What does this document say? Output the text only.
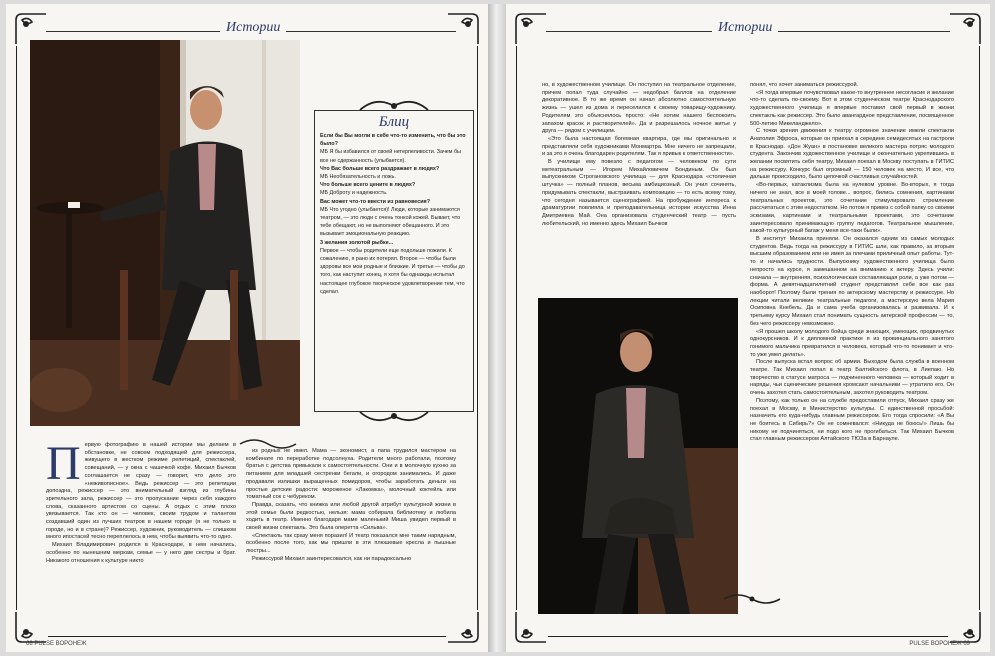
Истории
Блиц
Если бы Вы могли в себе что-то изменить, что бы это было?
МБ Я бы избавился от своей нетерпеливости. Зачем бы все не сдержанность (улыбается).
Что Вас больше всего раздражает в людях?
МБ Необязательность и ложь.
Что больше всего цените в людях?
МБ Доброту и надежность.
Вас может что-то ввести из равновесия?
МБ Что угодно (улыбается)! Люди, которые занимаются театром, — это люди с очень тонкой кожей. Бывает, что тебе обещают, но не выполняют обещанного. И это вызывает эмоциональную реакцию.
3 желания золотой рыбке...
Первое — чтобы родители еще подольше пожили. К сожалению, я рано их потерял. Второе — чтобы были здоровы все мои родные и близкие. И третье — чтобы до того, как наступит конец, я хотя бы однажды испытал настоящее глубокое творческое удовлетворение тем, что сделал.
П ервую фотографию в нашей истории мы делаем в обстановке, не совсем подходящей для режиссера, живущего в жестком режиме репетиций, спектаклей, совещаний, — у окна с чашечкой кофе. Михаил Бычков соглашается не сразу — говорит, что дело это «неживописное». Ведь режиссер — это репетиции допоздна, режиссер — это внимательный взгляд из глубины зрительного зала, режиссер — это пропускание через себя каждого слова, сказанного артистом со сцены. А отдых с этим плохо увязывается. Так кто он — человек, своим трудом и талантом создавший один из лучших театров в нашем городе (я не только в городе, но и в стране)? Режиссер, художник, руководитель — слишком много ипостасей тесно переплелось в нем, чтобы выявить что-то одно.

Михаил Владимирович родился в Краснодаре, в нем начались, особенно по нынешним меркам, семье — у него две сестры и брат. Никакого отношения к культуре никто

из родных не имел. Мама — экономист, а папа трудился мастером на комбинате по переработке подсолнуха. Родители много работали, поэтому братья с детства привыкали к самостоятельности. Они и в молочную кухню за питанием для младшей сестренки бегали, и огородом занимались. И даже продавали излишки выращенных помидоров, чтобы заработать деньги на простые детские радости: мороженое «Лакомка», молочный коктейль или томатный сок с чебуреком.

Правда, сказать, что книжка или любой другой атрибут культурной жизни в этой семье были редкостью, нельзя: мама собирала библиотеку и любила ходить в театр. Именно благодаря маме маленький Миша увидел первый в своей жизни спектакль. Это была оперетта «Сильва».

«Спектакль так сразу меня поразил! И театр показался мне таким нарядным, особенно после того, как мы пришли в эти плюшевые кресла и пышные люстры...

Режиссурой Михаил заинтересовался, как ни парадоксально

68 PULSE ВОРОНЕЖ
Истории

но, в художественном училище. Он поступил на театральное отделение, причем попал туда случайно — недобрал баллов на отделение декоративное. В то же время он начал абсолютно самостоятельную жизнь — ушел из дома и переселился к своему товарищу-художнику. Родителям это объяснялось просто: «Не хотим нашего беспокоить запахом красок и растворителей». Да и разрешалось ночное житье у друга — рядом с училищем.

«Это была настоящая богемная квартира, где мы оригинально и представляли себя художниками Монмартра. Мне ничего не запрещали, и за это я очень благодарен родителям. Так я привык к ответственности».

В училище ему повезло с педагогом — человеком по сути метеатральным — Игорем Михайловичем Бондиным. Он был выпускником Строгановского училища — для Краснодара «столичная штучка» — полный планов, весьма амбициозный. Он учил сочинять, придумывать спектакли, выстраивать композицию — то есть всему тому, что сегодня называется сценографией. На пробуждение интереса к драматургии повлияла и преподавательница истории искусства Инна Дмитриевна Май. Она организовала студенческий театр — пусть любительский, но именно здесь Михаил Бычков

понял, что хочет заниматься режиссурой.

«Я тогда впервые почувствовал какое-то внутреннее несогласие и желание что-то сделать по-своему. Вот в этом студенческом театре Краснодарского художественного училища я впервые поставил свой первый в жизни спектакль как режиссер. Это было авангардное представление, посвященное 500-летию Микеланджело».

С точки зрения движения к театру огромное значение имели спектакли Анатолия Эфроса, которые он приехал в середине семидесятых на гастроли в Краснодар. «Дон Жуан» в постановке великого мастера потряс молодого студента. Закончив художественное училище и окончательно укрепившись в желании посвятить себя театру, Михаил поехал в Москву поступать в ГИТИС на режиссуру. Конкурс был огромный — 150 человек на место. И все, что дальше происходило, было цепочкой счастливых случайностей.

«Во-первых, катаклизма была на нулевом уровне. Во-вторых, я тогда ничего не знал, все в моей голове... вопрос, бились сомнения, картинами театральных проектов, это сочетание стимулировало стремление рассчитаться с этим недостатком. Но потом я привез с собой папку со своими эскизами, картинами и театральными проектами, это сочетание заинтересовало принимающую группу педагогов. Театральное мышление, какой-то культурный багаж у меня все-таки были».

В институт Михаила приняли. Он оказался одним из самых молодых студентов. Ведь тогда на режиссуру в ГИТИС шли, как правило, за вторым высшим образованием или не имея за плечами приличный опыт работы. Тут-то и начались трудности. Выпускнику художественного училища было непросто на курсе, я замешанном на вниманию к актеру. Здесь учили: сначала — внутренняя, психологическая составляющая роли, а уже потом — форма. А девятнадцатилетний студент представлял себе все как раз наоборот! Поэтому были трения по актерскому мастерству и режиссуре. Но лекции читали великие театральные педагоги, а мастерскую вела Мария Осиповна Кнебель. Да и сама учеба организовалась и развивала. И к третьему курсу Михаил стал понимать сущность актерской профессии — то, без чего режиссеру невозможно.

«Я прошел школу молодого бойца среди знающих, умеющих, продвинутых однокурсников. И к дипломной практике я из провинциального занятого гонимого мальчика превратился в человека, который что-то понимает и что-то уже умел делать».

После выпуска встал вопрос об армии. Выходом была служба в военном театре. Так Михаил попал в театр Балтийского флота, в Лиепаю. Но творчество в статусе матроса — подчиненного человека — который ходит в наряды, чьи сценические решения кромсают начальники — утратило его. Он очень захотел стать самостоятельным, захотел руководить театром.

Поэтому, как только он на службе предоставили отпуск, Михаил сразу же поехал в Москву, в Министерство культуры. С единственной просьбой: назначить его куда-нибудь главным режиссером. Его тогда спросили: «А Вы не боитесь в Сибирь?» Он не сомневался: «Никуда не боюсь!» Лишь бы никому не подчиняться, ни подо кого не прогибаться. Так Михаил Бычков стал главным режиссером Алтайского ТЮЗа в Барнауле.

PULSE ВОРОНЕЖ 69
